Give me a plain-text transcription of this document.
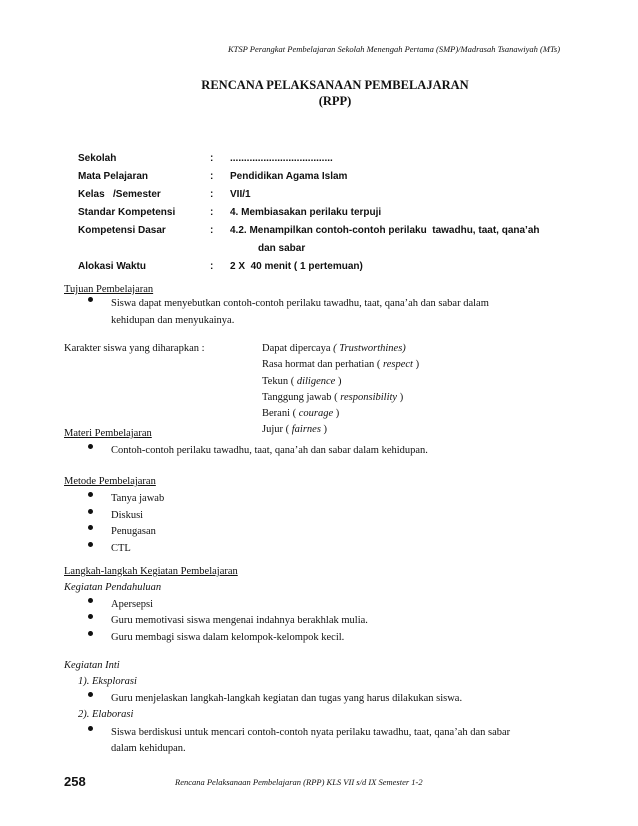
KTSP Perangkat Pembelajaran Sekolah Menengah Pertama (SMP)/Madrasah Tsanawiyah (MTs)
RENCANA PELAKSANAAN PEMBELAJARAN
(RPP)
Sekolah	:	.....................................
Mata Pelajaran	:	Pendidikan Agama Islam
Kelas   /Semester	:	VII/1
Standar Kompetensi	:	4. Membiasakan perilaku terpuji
Kompetensi Dasar	:	4.2. Menampilkan contoh-contoh perilaku  tawadhu, taat, qana’ah
dan sabar

Alokasi Waktu	:	2 X  40 menit ( 1 pertemuan)
Tujuan Pembelajaran
Siswa dapat menyebutkan contoh-contoh perilaku tawadhu, taat, qana’ah dan sabar dalam
kehidupan dan menyukainya.
Karakter siswa yang diharapkan :	Dapat dipercaya ( Trustworthines)
Rasa hormat dan perhatian ( respect )
Tekun ( diligence )
Tanggung jawab ( responsibility )
Berani ( courage )
Jujur ( fairnes )
Materi Pembelajaran
Contoh-contoh perilaku tawadhu, taat, qana’ah dan sabar dalam kehidupan.
Metode Pembelajaran
Tanya jawab
Diskusi
Penugasan
CTL
Langkah-langkah Kegiatan Pembelajaran
Kegiatan Pendahuluan
Apersepsi
Guru memotivasi siswa mengenai indahnya berakhlak mulia.
Guru membagi siswa dalam kelompok-kelompok kecil.
Kegiatan Inti
1). Eksplorasi
Guru menjelaskan langkah-langkah kegiatan dan tugas yang harus dilakukan siswa.
2). Elaborasi
Siswa berdiskusi untuk mencari contoh-contoh nyata perilaku tawadhu, taat, qana’ah dan sabar
dalam kehidupan.
258	Rencana Pelaksanaan Pembelajaran (RPP) KLS VII s/d IX Semester 1-2
